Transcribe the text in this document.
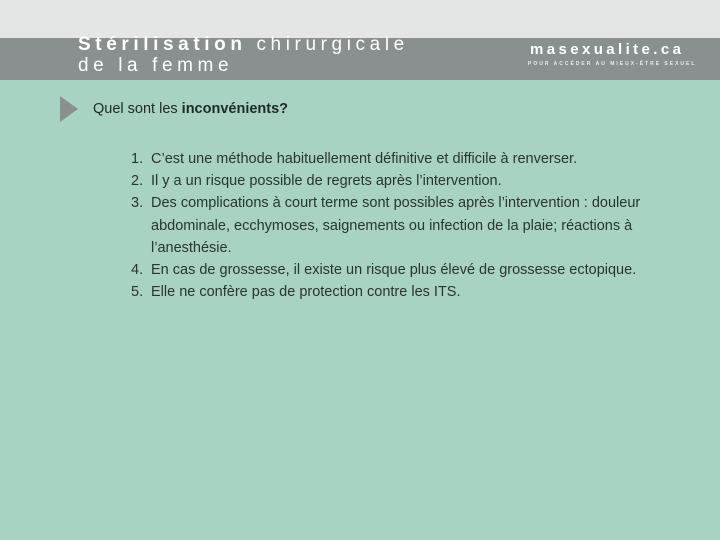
Stérilisation chirurgicale
de la femme
masexualite.ca
POUR ACCÉDER AU MIEUX-ÊTRE SEXUEL
Quel sont les inconvénients?
1. C’est une méthode habituellement définitive et difficile à renverser.
2. Il y a un risque possible de regrets après l’intervention.
3. Des complications à court terme sont possibles après l’intervention : douleur abdominale, ecchymoses, saignements ou infection de la plaie; réactions à l’anesthésie.
4. En cas de grossesse, il existe un risque plus élevé de grossesse ectopique.
5. Elle ne confère pas de protection contre les ITS.
